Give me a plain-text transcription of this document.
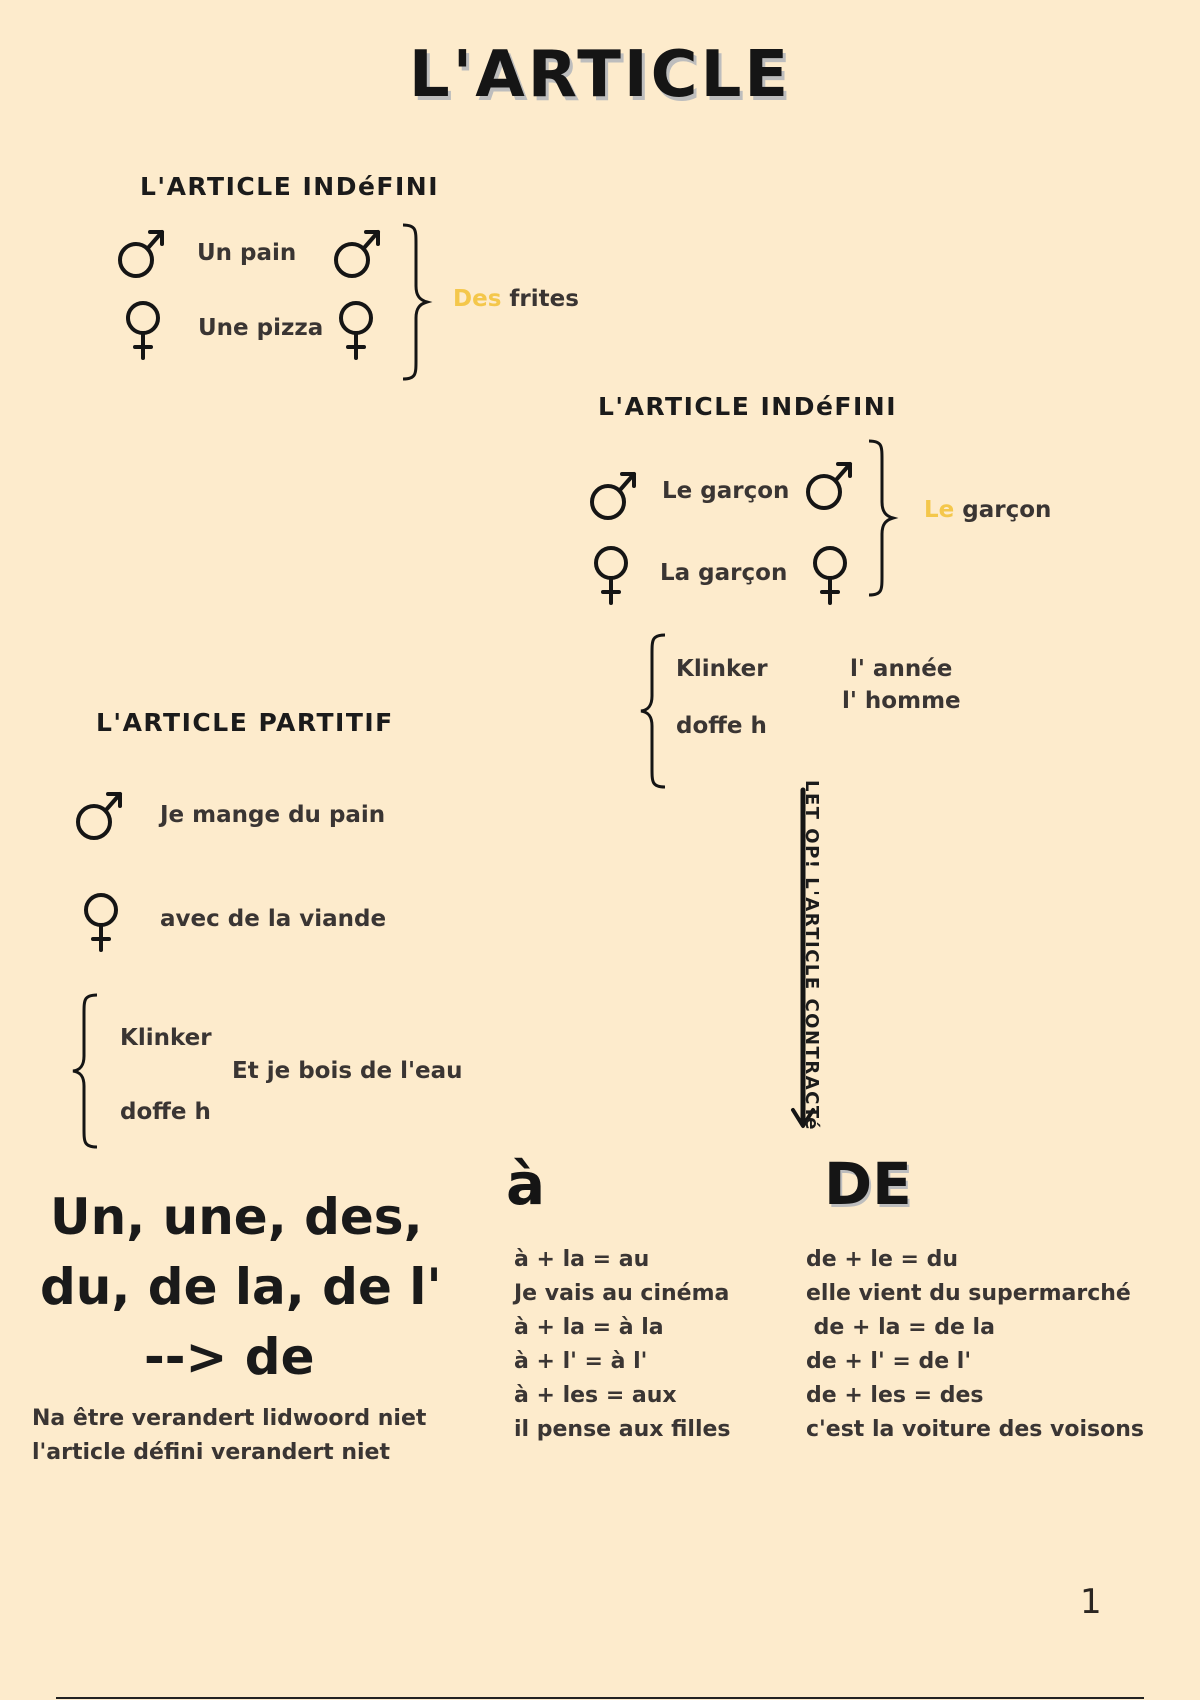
L'ARTICLE
L'ARTICLE INDéFINI
Un pain
Une pizza
Des frites
L'ARTICLE INDéFINI
Le garçon
La garçon
Le garçon
Klinker
doffe h
l' année
l' homme
L'ARTICLE PARTITIF
Je mange du pain
avec de la viande
Klinker
doffe h
Et je bois de l'eau
Un, une, des,
du, de la, de l'
--> de
Na être verandert lidwoord niet
l'article défini verandert niet
LET OP! L'ARTICLE CONTRACTé
à	DE
à + la = au
Je vais au cinéma
à + la = à la
à + l' = à l'
à + les = aux
il pense aux filles
de + le = du
elle vient du supermarché
de + la = de la
de + l' = de l'
de + les = des
c'est la voiture des voisons
1
